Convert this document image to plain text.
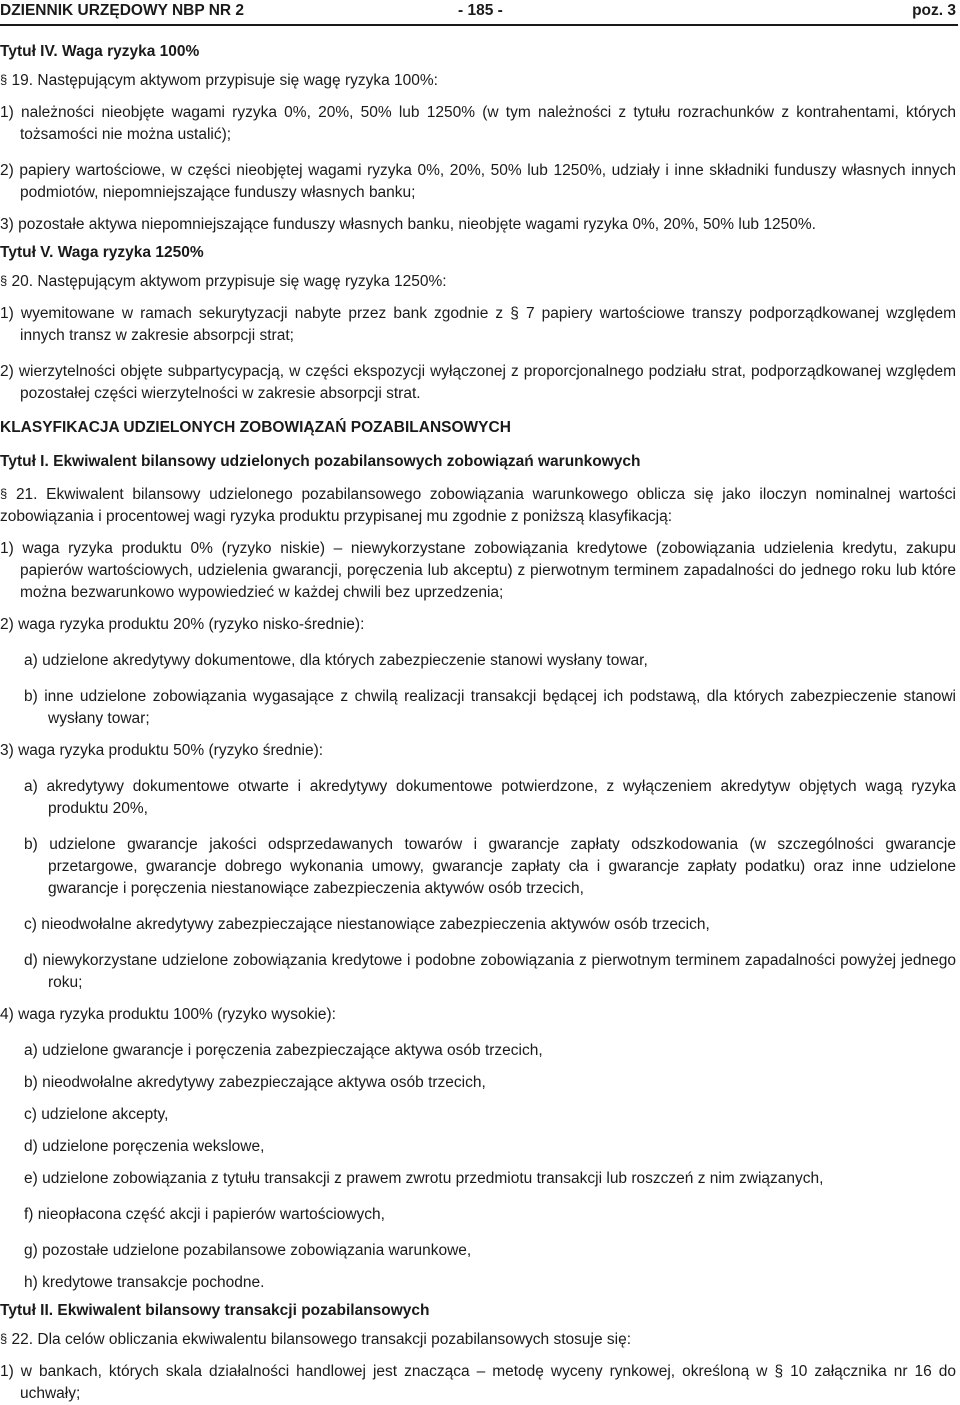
DZIENNIK URZĘDOWY NBP NR 2	- 185 -	poz. 3

Tytuł IV. Waga ryzyka 100%

§ 19. Następującym aktywom przypisuje się wagę ryzyka 100%:

1) należności nieobjęte wagami ryzyka 0%, 20%, 50% lub 1250% (w tym należności z tytułu rozrachunków z kontrahentami, których tożsamości nie można ustalić);

2) papiery wartościowe, w części nieobjętej wagami ryzyka 0%, 20%, 50% lub 1250%, udziały i inne składniki funduszy własnych innych podmiotów, niepomniejszające funduszy własnych banku;

3) pozostałe aktywa niepomniejszające funduszy własnych banku, nieobjęte wagami ryzyka 0%, 20%, 50% lub 1250%.

Tytuł V. Waga ryzyka 1250%

§ 20. Następującym aktywom przypisuje się wagę ryzyka 1250%:

1) wyemitowane w ramach sekurytyzacji nabyte przez bank zgodnie z § 7 papiery wartościowe transzy podporządkowanej względem innych transz w zakresie absorpcji strat;

2) wierzytelności objęte subpartycypacją, w części ekspozycji wyłączonej z proporcjonalnego podziału strat, podporządkowanej względem pozostałej części wierzytelności w zakresie absorpcji strat.

KLASYFIKACJA UDZIELONYCH ZOBOWIĄZAŃ POZABILANSOWYCH

Tytuł I. Ekwiwalent bilansowy udzielonych pozabilansowych zobowiązań warunkowych

§ 21. Ekwiwalent bilansowy udzielonego pozabilansowego zobowiązania warunkowego oblicza się jako iloczyn nominalnej wartości zobowiązania i procentowej wagi ryzyka produktu przypisanej mu zgodnie z poniższą klasyfikacją:

1) waga ryzyka produktu 0% (ryzyko niskie) – niewykorzystane zobowiązania kredytowe (zobowiązania udzielenia kredytu, zakupu papierów wartościowych, udzielenia gwarancji, poręczenia lub akceptu) z pierwotnym terminem zapadalności do jednego roku lub które można bezwarunkowo wypowiedzieć w każdej chwili bez uprzedzenia;

2) waga ryzyka produktu 20% (ryzyko nisko-średnie):

a) udzielone akredytywy dokumentowe, dla których zabezpieczenie stanowi wysłany towar,

b) inne udzielone zobowiązania wygasające z chwilą realizacji transakcji będącej ich podstawą, dla których zabezpieczenie stanowi wysłany towar;

3) waga ryzyka produktu 50% (ryzyko średnie):

a) akredytywy dokumentowe otwarte i akredytywy dokumentowe potwierdzone, z wyłączeniem akredytyw objętych wagą ryzyka produktu 20%,

b) udzielone gwarancje jakości odsprzedawanych towarów i gwarancje zapłaty odszkodowania (w szczególności gwarancje przetargowe, gwarancje dobrego wykonania umowy, gwarancje zapłaty cła i gwarancje zapłaty podatku) oraz inne udzielone gwarancje i poręczenia niestanowiące zabezpieczenia aktywów osób trzecich,

c) nieodwołalne akredytywy zabezpieczające niestanowiące zabezpieczenia aktywów osób trzecich,

d) niewykorzystane udzielone zobowiązania kredytowe i podobne zobowiązania z pierwotnym terminem zapadalności powyżej jednego roku;

4) waga ryzyka produktu 100% (ryzyko wysokie):

a) udzielone gwarancje i poręczenia zabezpieczające aktywa osób trzecich,

b) nieodwołalne akredytywy zabezpieczające aktywa osób trzecich,

c) udzielone akcepty,

d) udzielone poręczenia wekslowe,

e) udzielone zobowiązania z tytułu transakcji z prawem zwrotu przedmiotu transakcji lub roszczeń z nim związanych,

f) nieopłacona część akcji i papierów wartościowych,

g) pozostałe udzielone pozabilansowe zobowiązania warunkowe,

h) kredytowe transakcje pochodne.

Tytuł II. Ekwiwalent bilansowy transakcji pozabilansowych

§ 22. Dla celów obliczania ekwiwalentu bilansowego transakcji pozabilansowych stosuje się:

1) w bankach, których skala działalności handlowej jest znacząca – metodę wyceny rynkowej, określoną w § 10 załącznika nr 16 do uchwały;
